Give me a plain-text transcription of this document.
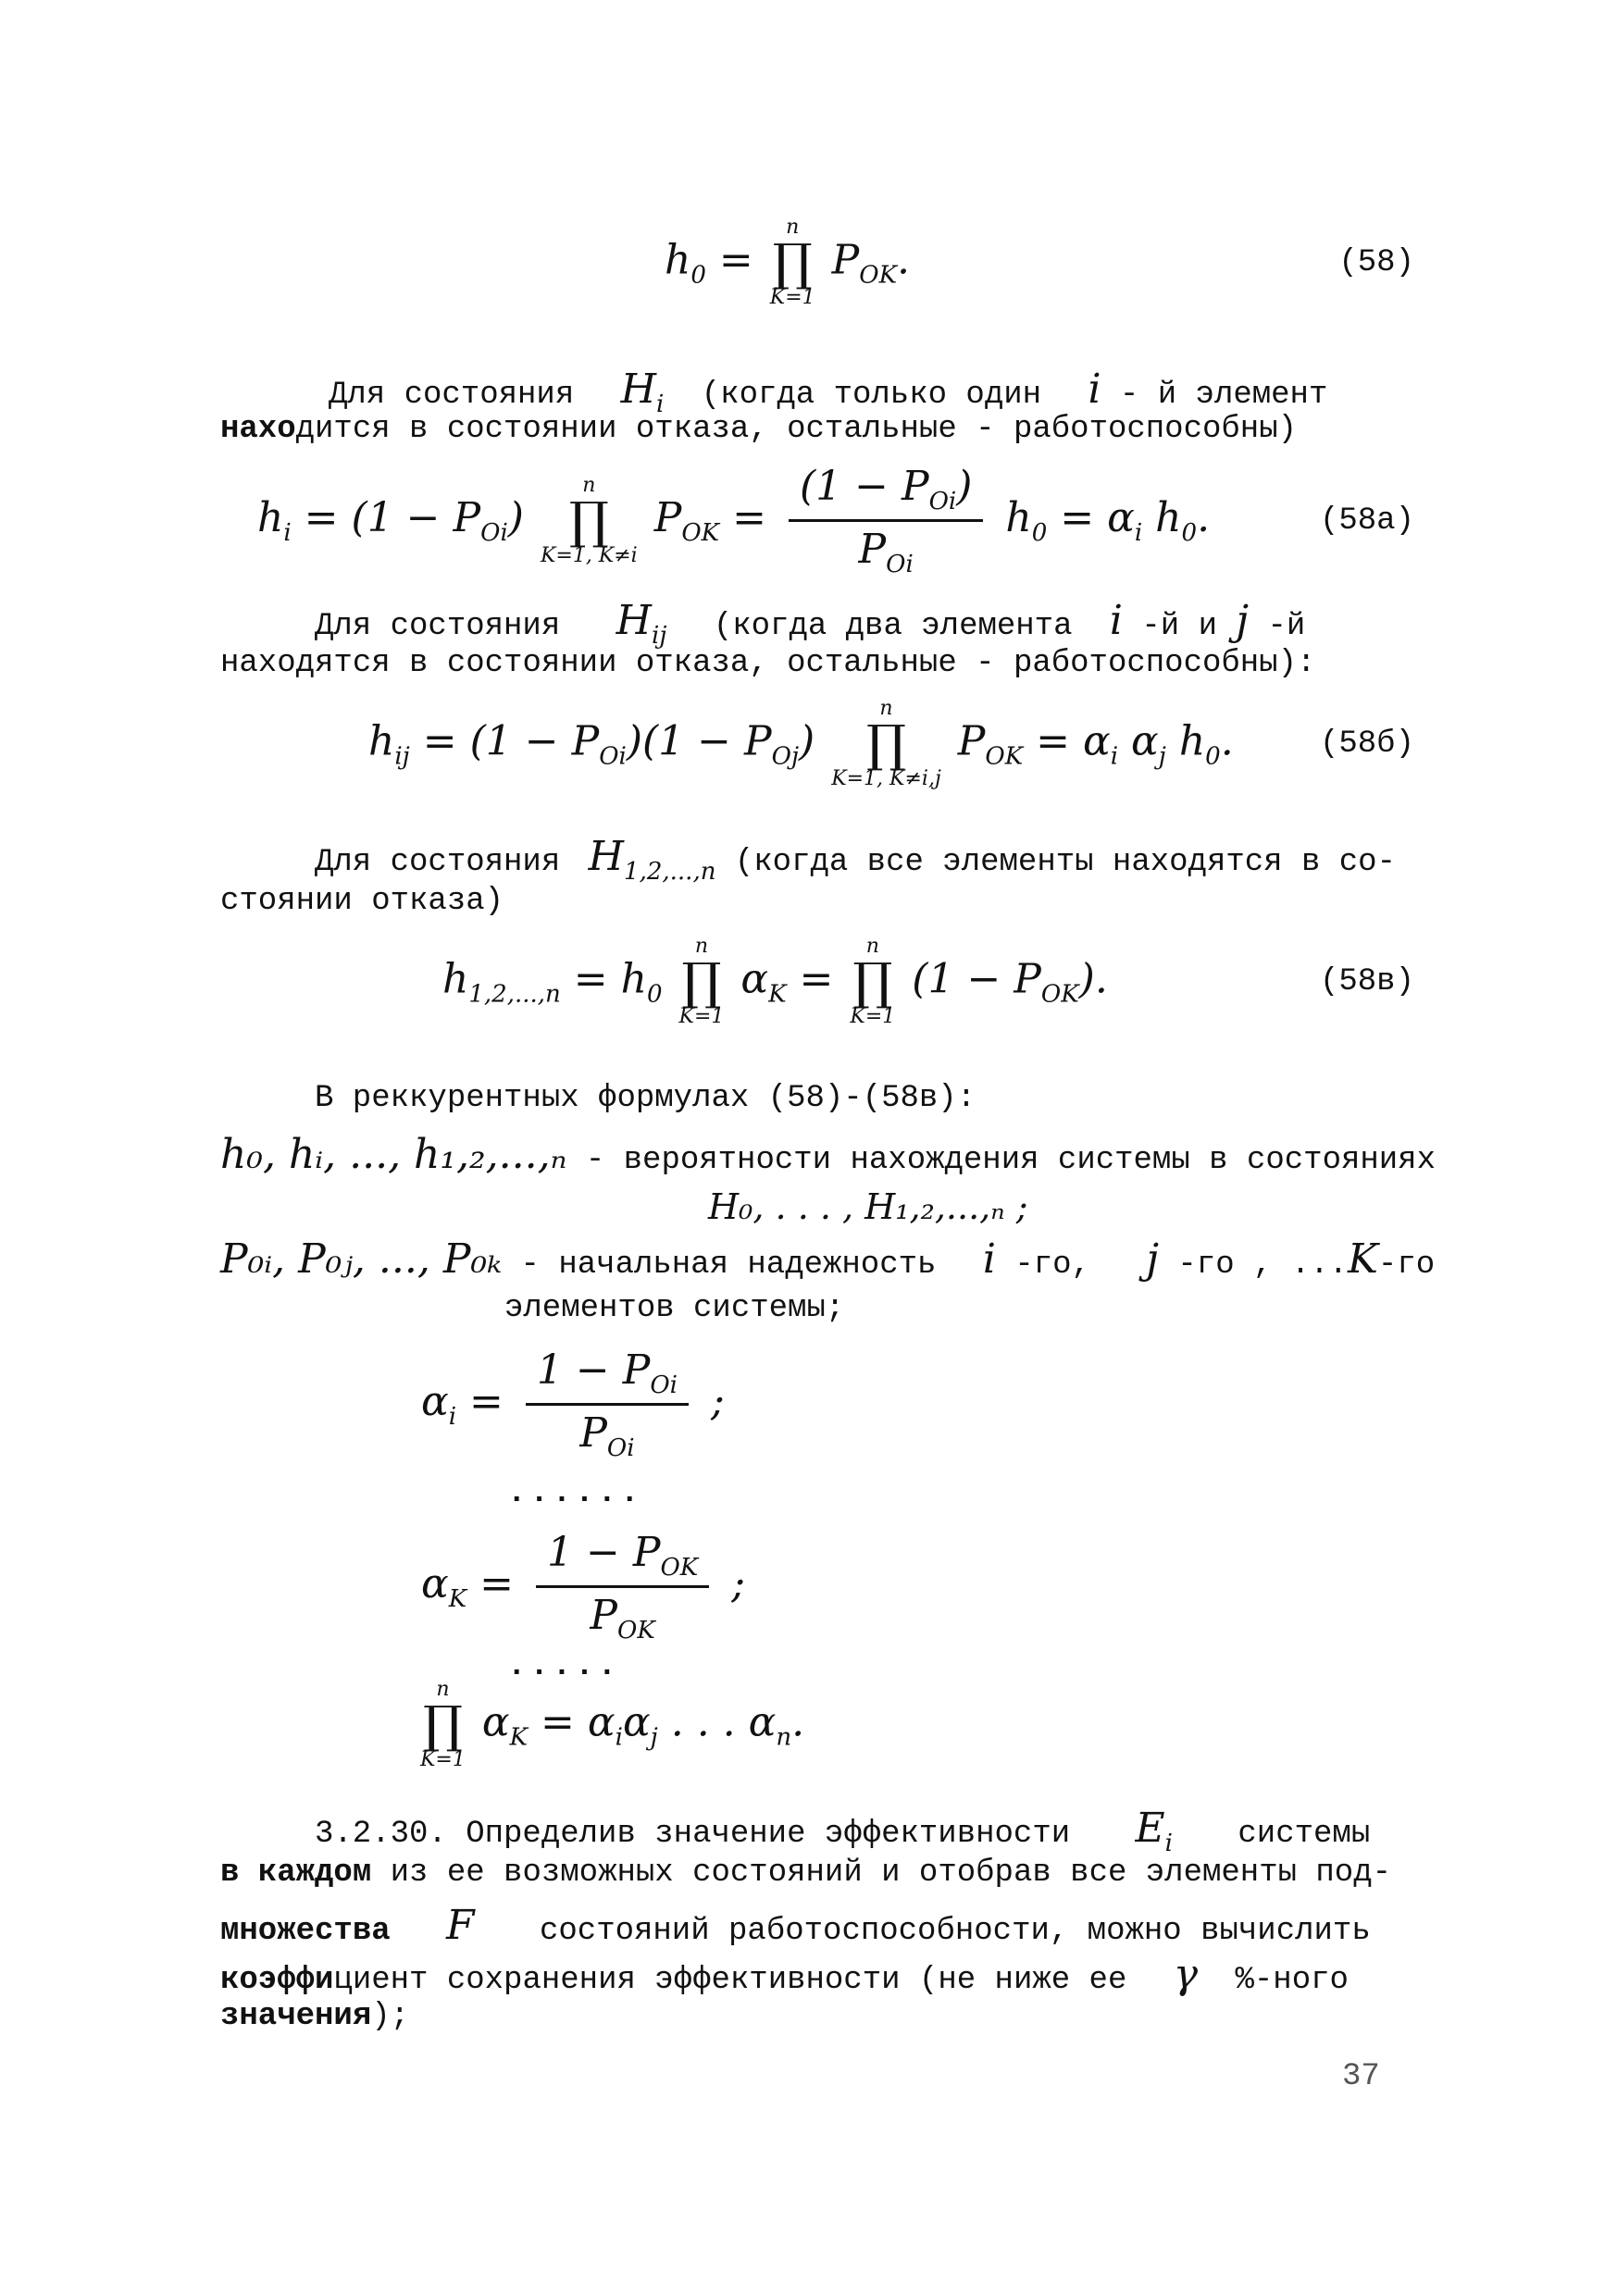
$h_0$ =
n
∏
K=1
$P_{OK}$.	(58)
Для состояния $H_i$ (когда только один i - й элемент
находится в состоянии отказа, остальные - работоспособны)
$h_i = (1 - P_{Oi})$
n
∏
K=1, K≠i
$P_{OK} = \frac{(1 - P_{Oi})}{P_{Oi}} h_0 = \alpha_i$ $h_0$.	(58а)
Для состояния $H_{ij}$ (когда два элемента i -й и j -й
находятся в состоянии отказа, остальные - работоспособны):
$h_{ij} = (1 - P_{Oi})(1 - P_{Oj})$
n
∏
K=1, K≠i,j
$P_{OK} = \alpha_i$ $\alpha_j$ $h_0$.	(58б)
Для состояния $H_{1,2,...,n}$ (когда все элементы находятся в со-
стоянии отказа)
$h_{1,2,...,n} = h_0$
n
∏
K=1
$\alpha_K$ =
n
∏
K=1
$(1 - P_{OK})$.	(58в)
В реккурентных формулах (58)-(58в):
h₀, hᵢ, ..., h₁,₂,...,ₙ - вероятности нахождения системы в состояниях
H₀, . . . , H₁,₂,...,ₙ ;
P₀ᵢ, P₀ⱼ, ..., P₀ₖ - начальная надежность i -го, j -го , ...K-го
элементов системы;
$\alpha_i = \frac{1 - P_{Oi}}{P_{Oi}}$ ;
......
$\alpha_K = \frac{1 - P_{OK}}{P_{OK}}$ ;
.....
n
∏
K=1
$\alpha_K = \alpha_i\alpha_j$ . . . $\alpha_n$.
3.2.30. Определив значение эффективности $E_i$ системы
в каждом из ее возможных состояний и отобрав все элементы под-
множества F состояний работоспособности, можно вычислить
коэффициент сохранения эффективности (не ниже ее γ %-ного
значения);
37
